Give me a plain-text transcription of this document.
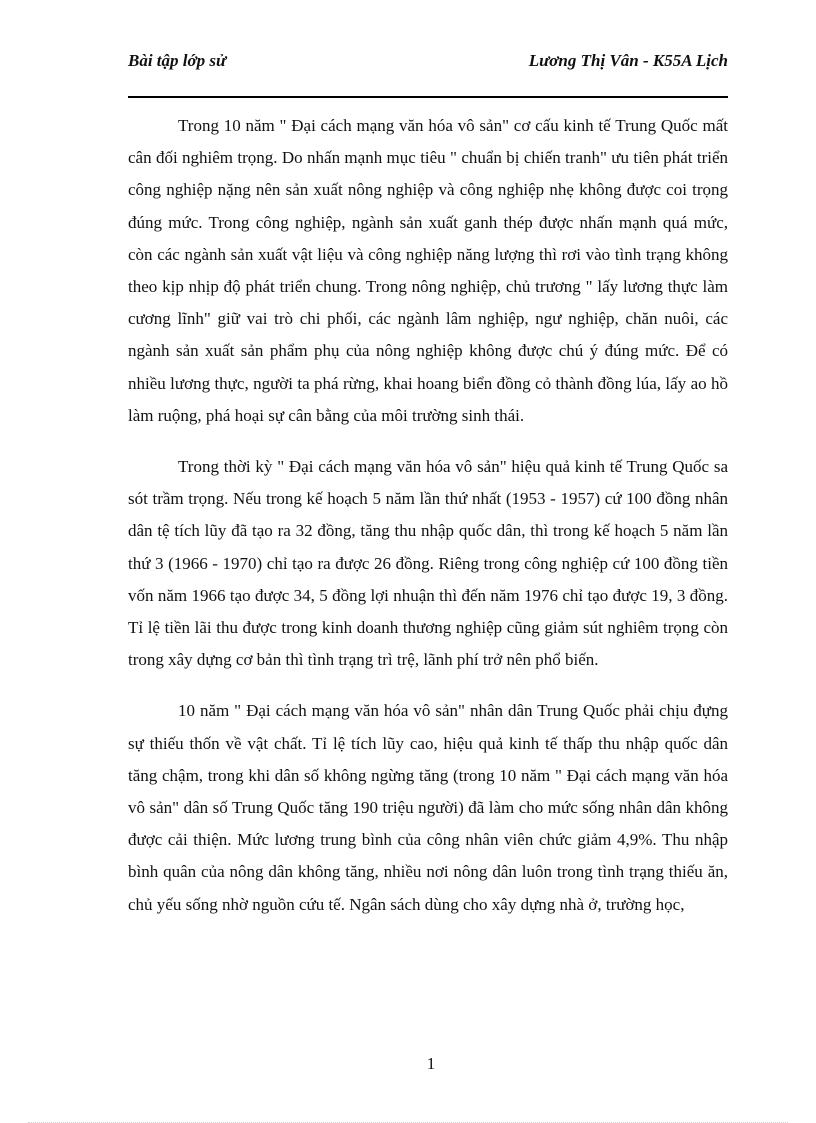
Bài tập lớp sử	Lương Thị Vân - K55A Lịch

Trong 10 năm " Đại cách mạng văn hóa vô sản" cơ cấu kinh tế Trung Quốc mất cân đối nghiêm trọng. Do nhấn mạnh mục tiêu " chuẩn bị chiến tranh" ưu tiên phát triển công nghiệp nặng nên sản xuất nông nghiệp và công nghiệp nhẹ không được coi trọng đúng mức. Trong công nghiệp, ngành sản xuất ganh thép được nhấn mạnh quá mức, còn các ngành sản xuất vật liệu và công nghiệp năng lượng thì rơi vào tình trạng không theo kịp nhịp độ phát triển chung. Trong nông nghiệp, chủ trương " lấy lương thực làm cương lĩnh" giữ vai trò chi phối, các ngành lâm nghiệp, ngư nghiệp, chăn nuôi, các ngành sản xuất sản phẩm phụ của nông nghiệp không được chú ý đúng mức. Để có nhiều lương thực, người ta phá rừng, khai hoang biển đồng cỏ thành đồng lúa, lấy ao hồ làm ruộng, phá hoại sự cân bằng của môi trường sinh thái.

Trong thời kỳ " Đại cách mạng văn hóa vô sản" hiệu quả kinh tế Trung Quốc sa sót trầm trọng. Nếu trong kế hoạch 5 năm lần thứ nhất (1953 - 1957) cứ 100 đồng nhân dân tệ tích lũy đã tạo ra 32 đồng, tăng thu nhập quốc dân, thì trong kế hoạch 5 năm lần thứ 3 (1966 - 1970) chỉ tạo ra được 26 đồng. Riêng trong công nghiệp cứ 100 đồng tiền vốn năm 1966 tạo được 34, 5 đồng lợi nhuận thì đến năm 1976 chỉ tạo được 19, 3 đồng. Tỉ lệ tiền lãi thu được trong kinh doanh thương nghiệp cũng giảm sút nghiêm trọng còn trong xây dựng cơ bản thì tình trạng trì trệ, lãnh phí trở nên phổ biến.

10 năm " Đại cách mạng văn hóa vô sản" nhân dân Trung Quốc phải chịu đựng sự thiếu thốn về vật chất. Tỉ lệ tích lũy cao, hiệu quả kinh tế thấp thu nhập quốc dân tăng chậm, trong khi dân số không ngừng tăng (trong 10 năm " Đại cách mạng văn hóa vô sản" dân số Trung Quốc tăng 190 triệu người) đã làm cho mức sống nhân dân không được cải thiện. Mức lương trung bình của công nhân viên chức giảm 4,9%. Thu nhập bình quân của nông dân không tăng, nhiều nơi nông dân luôn trong tình trạng thiếu ăn, chủ yếu sống nhờ nguồn cứu tế. Ngân sách dùng cho xây dựng nhà ở, trường học,

1
